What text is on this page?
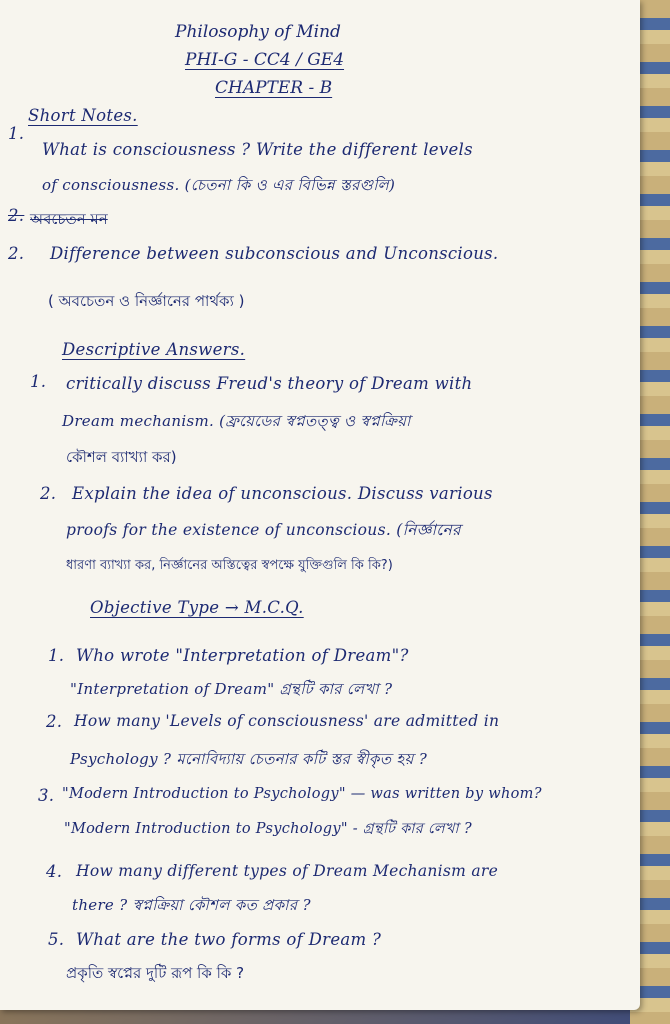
Philosophy of Mind
PHI-G - CC4 / GE4
CHAPTER - B
Short Notes.
1.
What is consciousness ? Write the different levels
of consciousness. (চেতনা কি ও এর বিভিন্ন স্তরগুলি)
2. অবচেতন মন
2. Difference between subconscious and Unconscious.
( অবচেতন ও নির্জ্ঞানের পার্থক্য )
Descriptive Answers.
1. critically discuss Freud's theory of Dream with
Dream mechanism. (ফ্রয়েডের স্বপ্নতত্ত্ব ও স্বপ্নক্রিয়া
কৌশল ব্যাখ্যা কর)
2. Explain the idea of unconscious. Discuss various
proofs for the existence of unconscious. (নির্জ্ঞানের
ধারণা ব্যাখ্যা কর, নির্জ্ঞানের অস্তিত্বের স্বপক্ষে যুক্তিগুলি কি কি?)
Objective Type → M.C.Q.
1. Who wrote "Interpretation of Dream"?
"Interpretation of Dream" গ্রন্থটি কার লেখা ?
2. How many 'Levels of consciousness' are admitted in
Psychology ? মনোবিদ্যায় চেতনার কটি স্তর স্বীকৃত হয় ?
3. "Modern Introduction to Psychology" — was written by whom?
"Modern Introduction to Psychology" - গ্রন্থটি কার লেখা ?
4. How many different types of Dream Mechanism are
there ? স্বপ্নক্রিয়া কৌশল কত প্রকার ?
5. What are the two forms of Dream ?
প্রকৃতি স্বপ্নের দুটি রূপ কি কি ?
